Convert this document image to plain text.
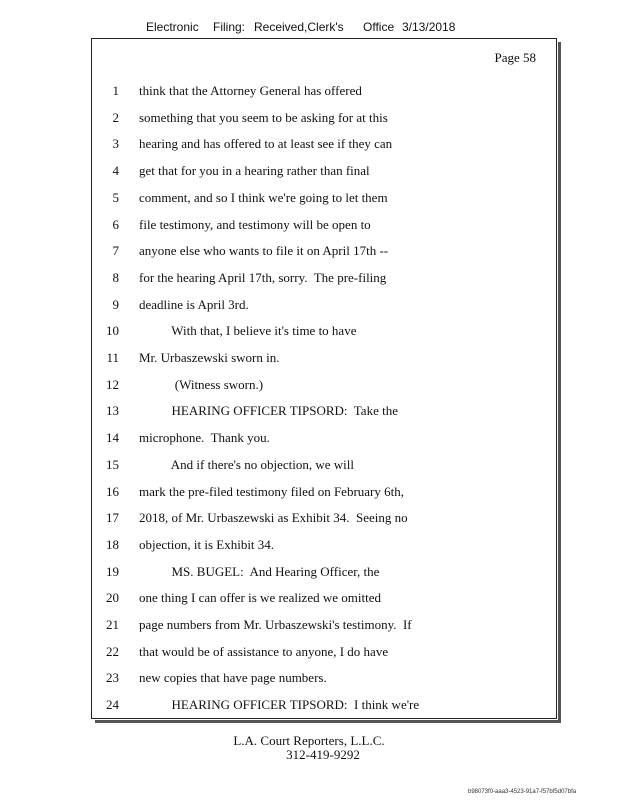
Electronic Filing: Received,Clerk's Office 3/13/2018
Page 58
1 think that the Attorney General has offered
2 something that you seem to be asking for at this
3 hearing and has offered to at least see if they can
4 get that for you in a hearing rather than final
5 comment, and so I think we're going to let them
6 file testimony, and testimony will be open to
7 anyone else who wants to file it on April 17th --
8 for the hearing April 17th, sorry.  The pre-filing
9 deadline is April 3rd.
10 With that, I believe it's time to have
11 Mr. Urbaszewski sworn in.
12 (Witness sworn.)
13 HEARING OFFICER TIPSORD:  Take the
14 microphone.  Thank you.
15 And if there's no objection, we will
16 mark the pre-filed testimony filed on February 6th,
17 2018, of Mr. Urbaszewski as Exhibit 34.  Seeing no
18 objection, it is Exhibit 34.
19 MS. BUGEL:  And Hearing Officer, the
20 one thing I can offer is we realized we omitted
21 page numbers from Mr. Urbaszewski's testimony.  If
22 that would be of assistance to anyone, I do have
23 new copies that have page numbers.
24 HEARING OFFICER TIPSORD:  I think we're
L.A. Court Reporters, L.L.C.
312-419-9292
b98073f0-aaa3-4523-91a7-f57bf5d07bfa
